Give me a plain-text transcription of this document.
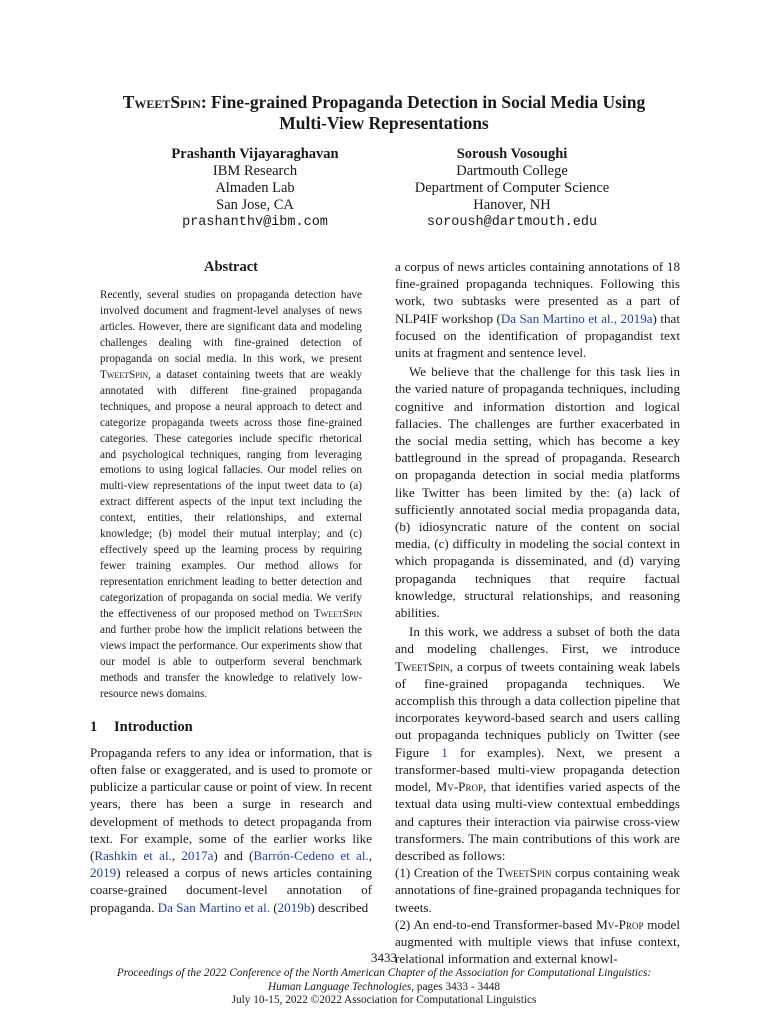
TweetSpin: Fine-grained Propaganda Detection in Social Media Using
Multi-View Representations
Prashanth Vijayaraghavan
IBM Research
Almaden Lab
San Jose, CA
prashanthv@ibm.com
Soroush Vosoughi
Dartmouth College
Department of Computer Science
Hanover, NH
soroush@dartmouth.edu
Abstract
Recently, several studies on propaganda detection have involved document and fragment-level analyses of news articles. However, there are significant data and modeling challenges dealing with fine-grained detection of propaganda on social media. In this work, we present TweetSpin, a dataset containing tweets that are weakly annotated with different fine-grained propaganda techniques, and propose a neural approach to detect and categorize propaganda tweets across those fine-grained categories. These categories include specific rhetorical and psychological techniques, ranging from leveraging emotions to using logical fallacies. Our model relies on multi-view representations of the input tweet data to (a) extract different aspects of the input text including the context, entities, their relationships, and external knowledge; (b) model their mutual interplay; and (c) effectively speed up the learning process by requiring fewer training examples. Our method allows for representation enrichment leading to better detection and categorization of propaganda on social media. We verify the effectiveness of our proposed method on TweetSpin and further probe how the implicit relations between the views impact the performance. Our experiments show that our model is able to outperform several benchmark methods and transfer the knowledge to relatively low-resource news domains.
1 Introduction

Propaganda refers to any idea or information, that is often false or exaggerated, and is used to promote or publicize a particular cause or point of view. In recent years, there has been a surge in research and development of methods to detect propaganda from text. For example, some of the earlier works like (Rashkin et al., 2017a) and (Barrón-Cedeno et al., 2019) released a corpus of news articles containing coarse-grained document-level annotation of propaganda. Da San Martino et al. (2019b) described

a corpus of news articles containing annotations of 18 fine-grained propaganda techniques. Following this work, two subtasks were presented as a part of NLP4IF workshop (Da San Martino et al., 2019a) that focused on the identification of propagandist text units at fragment and sentence level.

We believe that the challenge for this task lies in the varied nature of propaganda techniques, including cognitive and information distortion and logical fallacies. The challenges are further exacerbated in the social media setting, which has become a key battleground in the spread of propaganda. Research on propaganda detection in social media platforms like Twitter has been limited by the: (a) lack of sufficiently annotated social media propaganda data, (b) idiosyncratic nature of the content on social media, (c) difficulty in modeling the social context in which propaganda is disseminated, and (d) varying propaganda techniques that require factual knowledge, structural relationships, and reasoning abilities.

In this work, we address a subset of both the data and modeling challenges. First, we introduce TweetSpin, a corpus of tweets containing weak labels of fine-grained propaganda techniques. We accomplish this through a data collection pipeline that incorporates keyword-based search and users calling out propaganda techniques publicly on Twitter (see Figure 1 for examples). Next, we present a transformer-based multi-view propaganda detection model, Mv-Prop, that identifies varied aspects of the textual data using multi-view contextual embeddings and captures their interaction via pairwise cross-view transformers. The main contributions of this work are described as follows:

(1) Creation of the TweetSpin corpus containing weak annotations of fine-grained propaganda techniques for tweets.

(2) An end-to-end Transformer-based Mv-Prop model augmented with multiple views that infuse context, relational information and external knowl-

3433
Proceedings of the 2022 Conference of the North American Chapter of the Association for Computational Linguistics:
Human Language Technologies, pages 3433 - 3448
July 10-15, 2022 ©2022 Association for Computational Linguistics
